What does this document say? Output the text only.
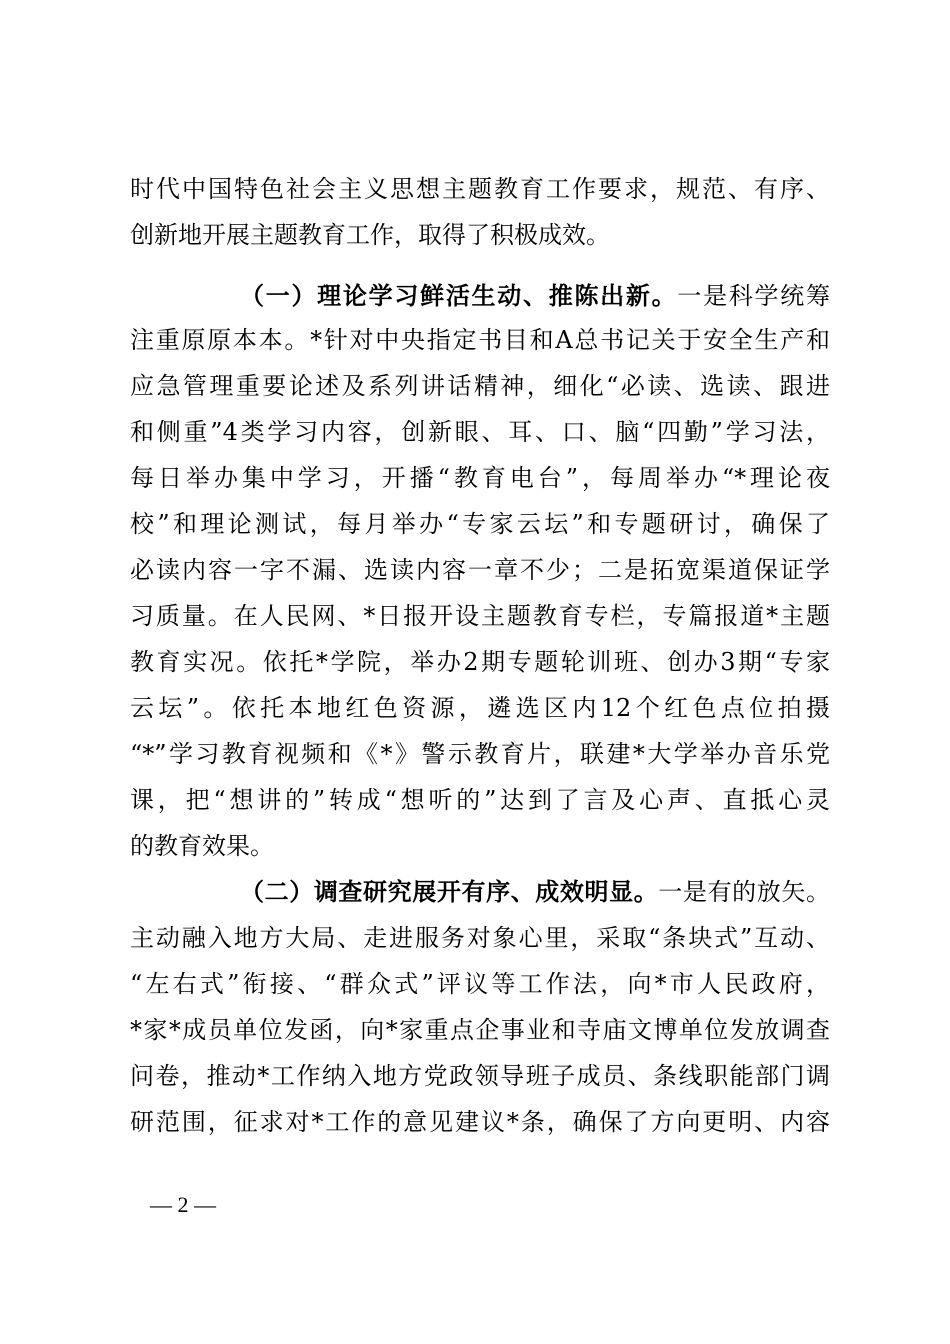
时代中国特色社会主义思想主题教育工作要求，规范、有序、
创新地开展主题教育工作，取得了积极成效。
（一）理论学习鲜活生动、推陈出新。一是科学统筹
注重原原本本。*针对中央指定书目和A总书记关于安全生产和
应急管理重要论述及系列讲话精神，细化“必读、选读、跟进
和侧重”4类学习内容，创新眼、耳、口、脑“四勤”学习法，
每日举办集中学习，开播“教育电台”，每周举办“*理论夜
校”和理论测试，每月举办“专家云坛”和专题研讨，确保了
必读内容一字不漏、选读内容一章不少；二是拓宽渠道保证学
习质量。在人民网、*日报开设主题教育专栏，专篇报道*主题
教育实况。依托*学院，举办2期专题轮训班、创办3期“专家
云坛”。依托本地红色资源，遴选区内12个红色点位拍摄
“*”学习教育视频和《*》警示教育片，联建*大学举办音乐党
课，把“想讲的”转成“想听的”达到了言及心声、直抵心灵
的教育效果。
（二）调查研究展开有序、成效明显。一是有的放矢。
主动融入地方大局、走进服务对象心里，采取“条块式”互动、
“左右式”衔接、“群众式”评议等工作法，向*市人民政府，
*家*成员单位发函，向*家重点企事业和寺庙文博单位发放调查
问卷，推动*工作纳入地方党政领导班子成员、条线职能部门调
研范围，征求对*工作的意见建议*条，确保了方向更明、内容
— 2 —
